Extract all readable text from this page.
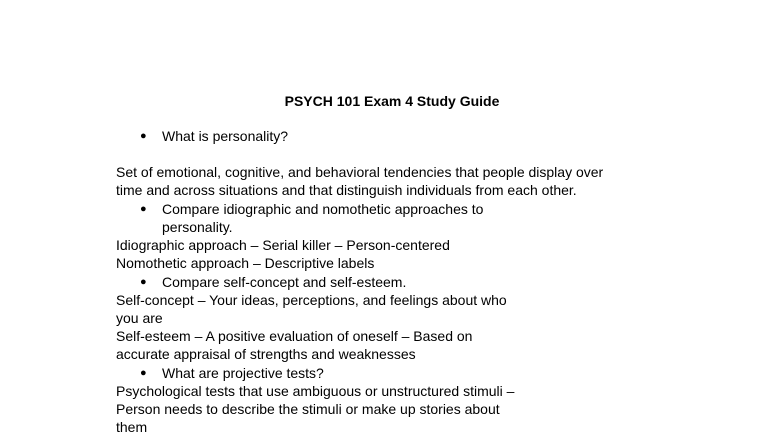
PSYCH 101 Exam 4 Study Guide
● What is personality?
Set of emotional, cognitive, and behavioral tendencies that people display over
time and across situations and that distinguish individuals from each other.
● Compare idiographic and nomothetic approaches to
personality.
Idiographic approach – Serial killer – Person-centered
Nomothetic approach – Descriptive labels
● Compare self-concept and self-esteem.
Self-concept – Your ideas, perceptions, and feelings about who
you are
Self-esteem – A positive evaluation of oneself – Based on
accurate appraisal of strengths and weaknesses
● What are projective tests?
Psychological tests that use ambiguous or unstructured stimuli –
Person needs to describe the stimuli or make up stories about
them
